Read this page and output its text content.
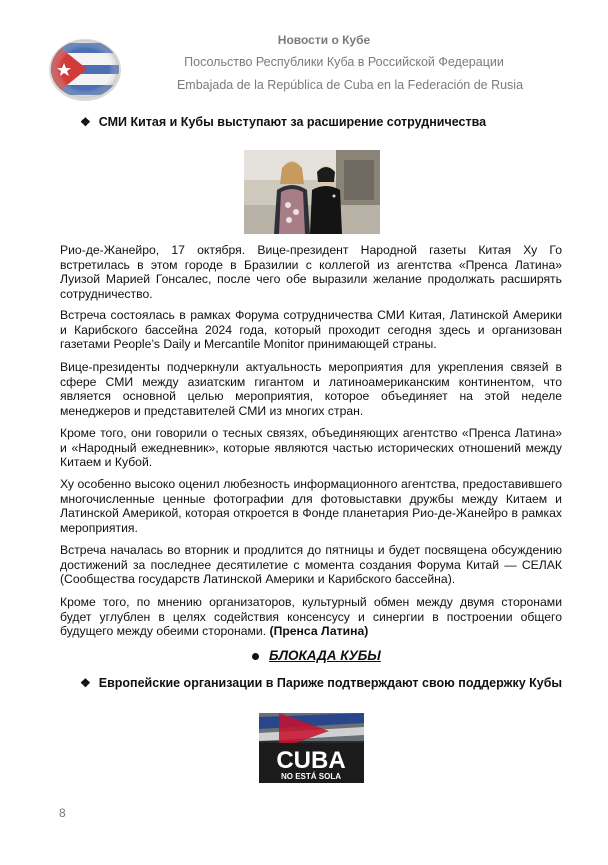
Новости о Кубе
Посольство Республики Куба в Российской Федерации
Embajada de la República de Cuba en la Federación de Rusia
❖ СМИ Китая и Кубы выступают за расширение сотрудничества
Рио-де-Жанейро, 17 октября. Вице-президент Народной газеты Китая Ху Го встретилась в этом городе в Бразилии с коллегой из агентства «Пренса Латина» Луизой Марией Гонсалес, после чего обе выразили желание продолжать расширять сотрудничество.
Встреча состоялась в рамках Форума сотрудничества СМИ Китая, Латинской Америки и Карибского бассейна 2024 года, который проходит сегодня здесь и организован газетами People’s Daily и Mercantile Monitor принимающей страны.
Вице-президенты подчеркнули актуальность мероприятия для укрепления связей в сфере СМИ между азиатским гигантом и латиноамериканским континентом, что является основной целью мероприятия, которое объединяет на этой неделе менеджеров и представителей СМИ из многих стран.
Кроме того, они говорили о тесных связях, объединяющих агентство «Пренса Латина» и «Народный ежедневник», которые являются частью исторических отношений между Китаем и Кубой.
Ху особенно высоко оценил любезность информационного агентства, предоставившего многочисленные ценные фотографии для фотовыставки дружбы между Китаем и Латинской Америкой, которая откроется в Фонде планетария Рио-де-Жанейро в рамках мероприятия.
Встреча началась во вторник и продлится до пятницы и будет посвящена обсуждению достижений за последнее десятилетие с момента создания Форума Китай — СЕЛАК (Сообщества государств Латинской Америки и Карибского бассейна).
Кроме того, по мнению организаторов, культурный обмен между двумя сторонами будет углублен в целях содействия консенсусу и синергии в построении общего будущего между обеими сторонами. (Пренса Латина)
БЛОКАДА КУБЫ
❖ Европейские организации в Париже подтверждают свою поддержку Кубы
CUBA
NO ESTÁ SOLA
8
